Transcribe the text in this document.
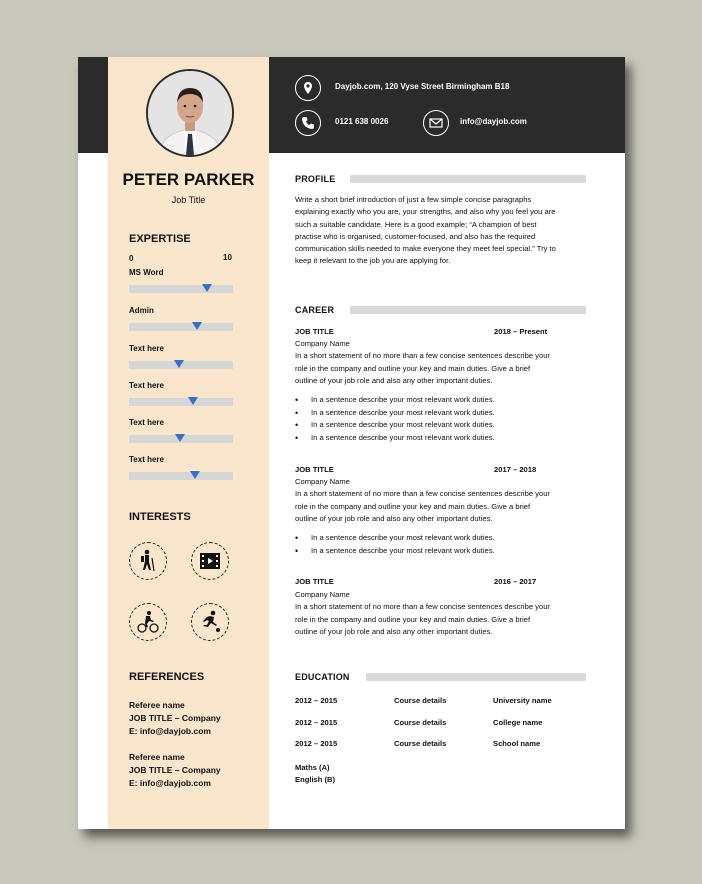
PETER PARKER
Job Title
EXPERTISE
0	10
MS Word
Admin
Text here
Text here
Text here
Text here
INTERESTS
REFERENCES
Referee name
JOB TITLE – Company
E: info@dayjob.com
Referee name
JOB TITLE – Company
E: info@dayjob.com
Dayjob.com, 120 Vyse Street Birmingham B18
0121 638 0026	info@dayjob.com
PROFILE
Write a short brief introduction of just a few simple concise paragraphs
explaining exactly who you are, your strengths, and also why you feel you are
such a suitable candidate. Here is a good example; “A champion of best
practise who is organised, customer-focused, and also has the required
communication skills needed to make everyone they meet feel special.” Try to
keep it relevant to the job you are applying for.
CAREER
JOB TITLE	2018 – Present
Company Name
In a short statement of no more than a few concise sentences describe your
role in the company and outline your key and main duties. Give a brief
outline of your job role and also any other important duties.
• In a sentence describe your most relevant work duties.
• In a sentence describe your most relevant work duties.
• In a sentence describe your most relevant work duties.
• In a sentence describe your most relevant work duties.
JOB TITLE	2017 – 2018
Company Name
In a short statement of no more than a few concise sentences describe your
role in the company and outline your key and main duties. Give a brief
outline of your job role and also any other important duties.
• In a sentence describe your most relevant work duties.
• In a sentence describe your most relevant work duties.
JOB TITLE	2016 – 2017
Company Name
In a short statement of no more than a few concise sentences describe your
role in the company and outline your key and main duties. Give a brief
outline of your job role and also any other important duties.
EDUCATION
2012 – 2015	Course details	University name
2012 – 2015	Course details	College name
2012 – 2015	Course details	School name
Maths (A)
English (B)
